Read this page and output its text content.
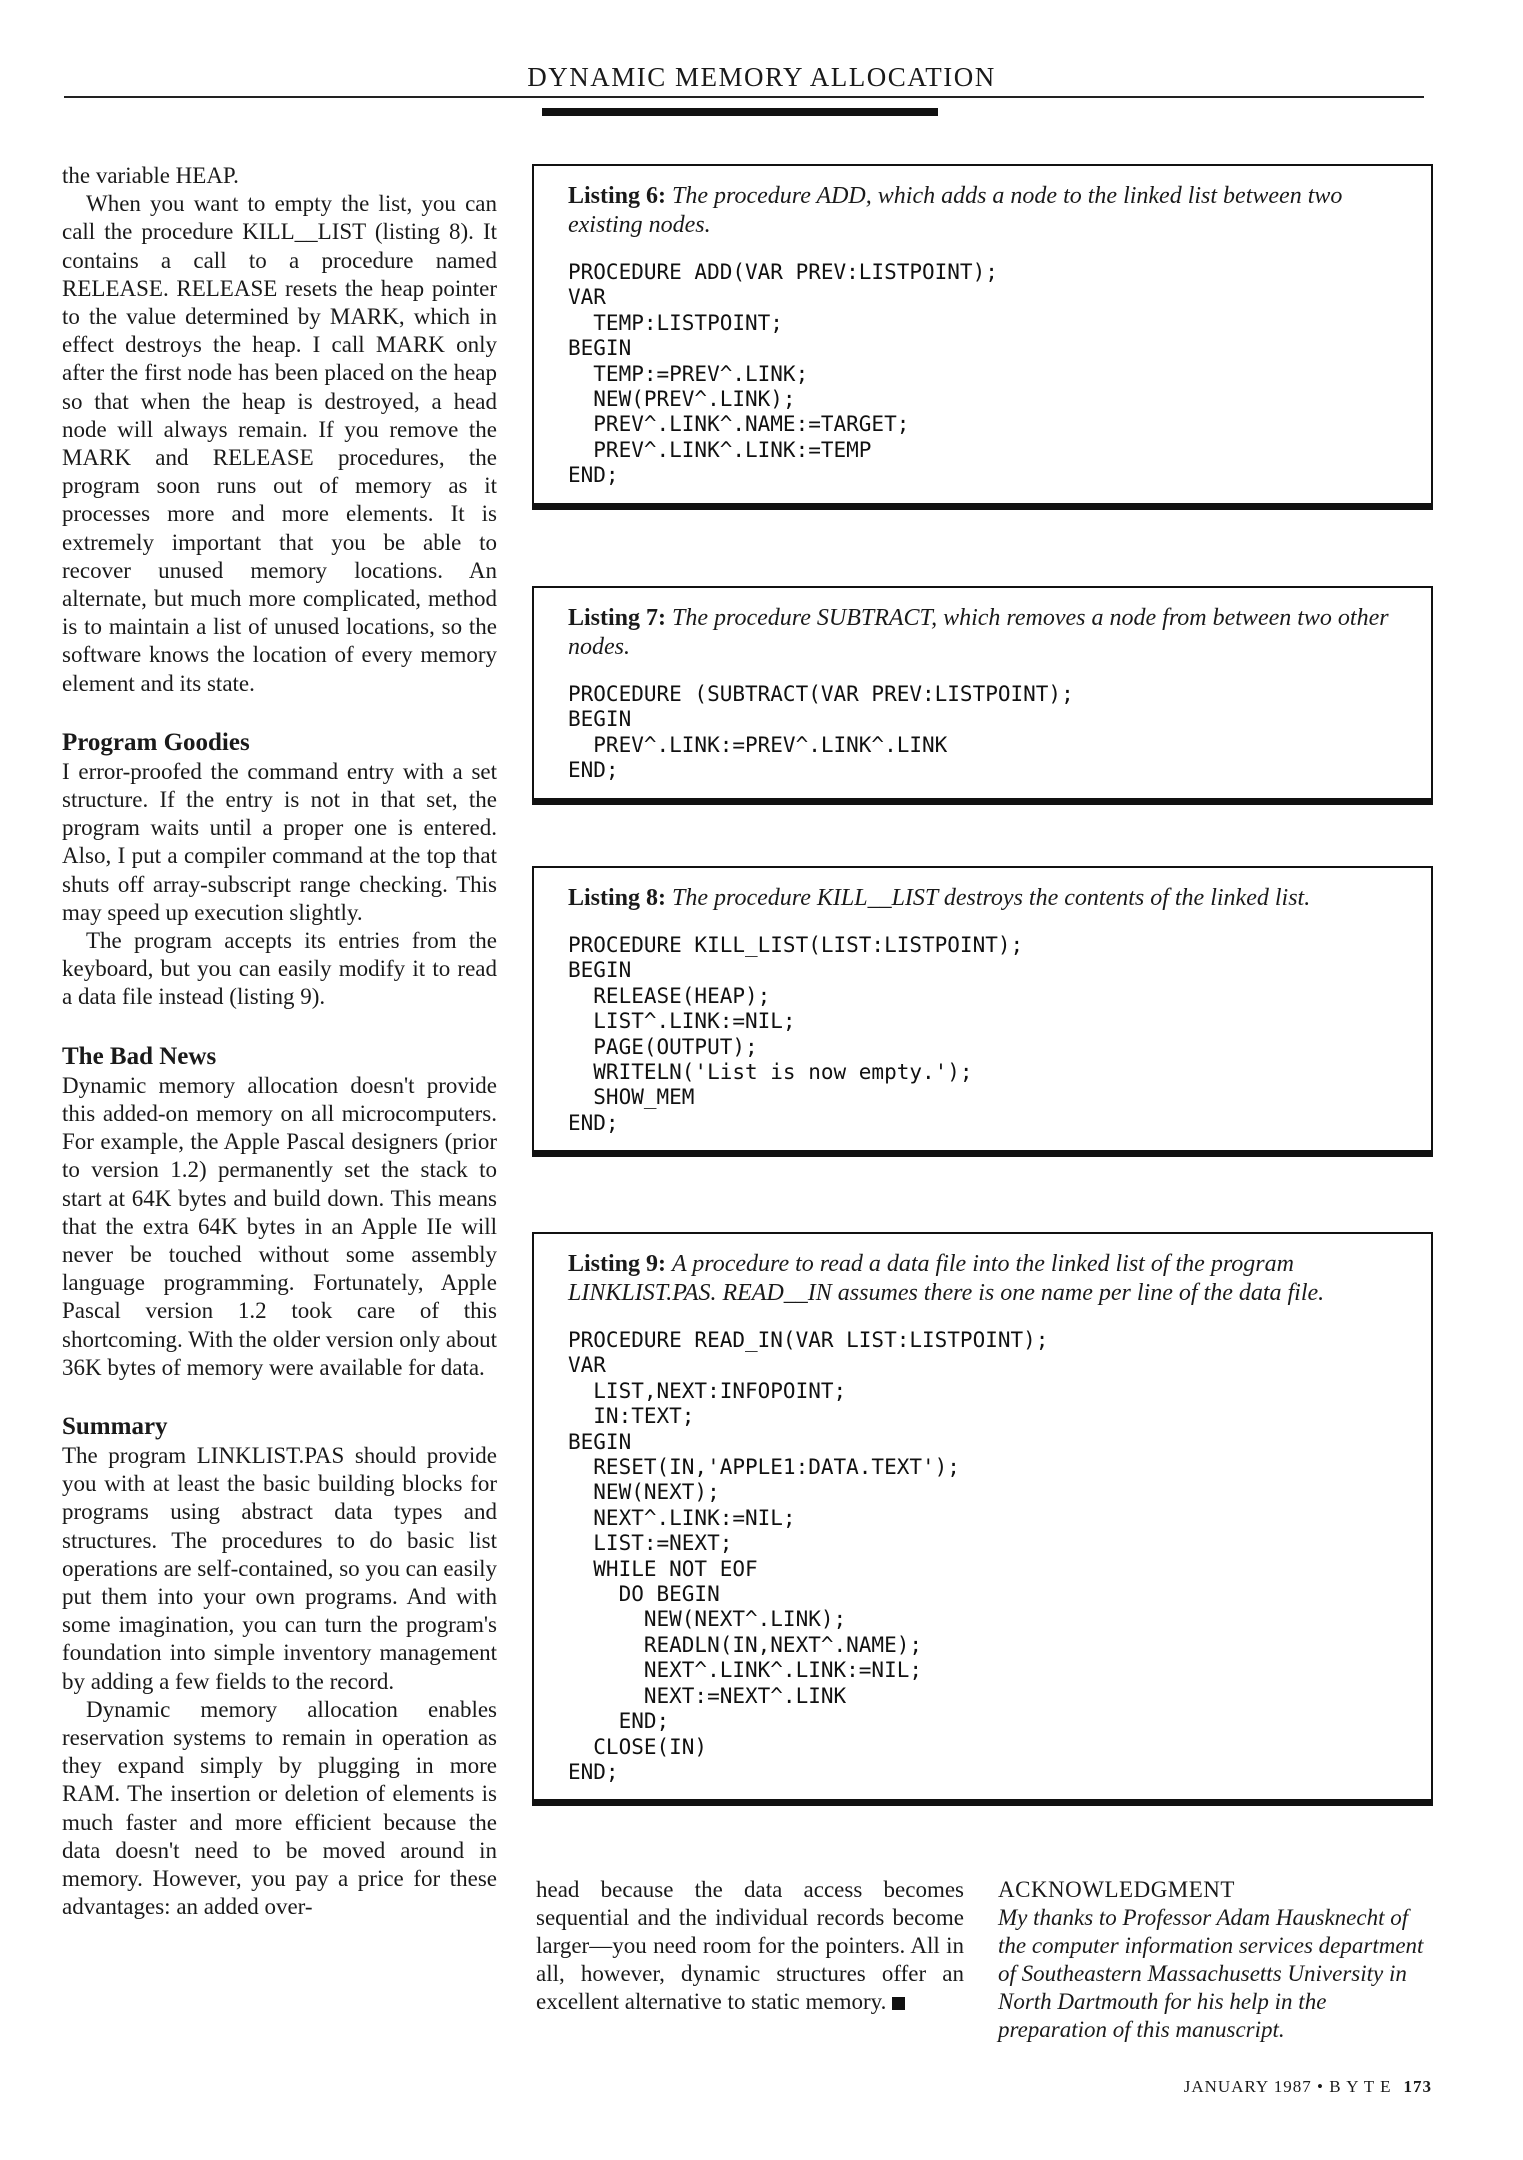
DYNAMIC MEMORY ALLOCATION

the variable HEAP.

When you want to empty the list, you can call the procedure KILL__LIST (listing 8). It contains a call to a procedure named RELEASE. RELEASE resets the heap pointer to the value determined by MARK, which in effect destroys the heap. I call MARK only after the first node has been placed on the heap so that when the heap is destroyed, a head node will always remain. If you remove the MARK and RELEASE procedures, the program soon runs out of memory as it processes more and more elements. It is extremely important that you be able to recover unused memory locations. An alternate, but much more complicated, method is to maintain a list of unused locations, so the software knows the location of every memory element and its state.

Program Goodies

I error-proofed the command entry with a set structure. If the entry is not in that set, the program waits until a proper one is entered. Also, I put a compiler command at the top that shuts off array-subscript range checking. This may speed up execution slightly.

The program accepts its entries from the keyboard, but you can easily modify it to read a data file instead (listing 9).

The Bad News

Dynamic memory allocation doesn't provide this added-on memory on all microcomputers. For example, the Apple Pascal designers (prior to version 1.2) permanently set the stack to start at 64K bytes and build down. This means that the extra 64K bytes in an Apple IIe will never be touched without some assembly language programming. Fortunately, Apple Pascal version 1.2 took care of this shortcoming. With the older version only about 36K bytes of memory were available for data.

Summary

The program LINKLIST.PAS should provide you with at least the basic building blocks for programs using abstract data types and structures. The procedures to do basic list operations are self-contained, so you can easily put them into your own programs. And with some imagination, you can turn the program's foundation into simple inventory management by adding a few fields to the record.

Dynamic memory allocation enables reservation systems to remain in operation as they expand simply by plugging in more RAM. The insertion or deletion of elements is much faster and more efficient because the data doesn't need to be moved around in memory. However, you pay a price for these advantages: an added over-

Listing 6: The procedure ADD, which adds a node to the linked list between two existing nodes.
PROCEDURE ADD(VAR PREV:LISTPOINT);
VAR
TEMP:LISTPOINT;
BEGIN
TEMP:=PREV^.LINK;
NEW(PREV^.LINK);
PREV^.LINK^.NAME:=TARGET;
PREV^.LINK^.LINK:=TEMP
END;
Listing 7: The procedure SUBTRACT, which removes a node from between two other nodes.
PROCEDURE (SUBTRACT(VAR PREV:LISTPOINT);
BEGIN
PREV^.LINK:=PREV^.LINK^.LINK
END;
Listing 8: The procedure KILL__LIST destroys the contents of the linked list.
PROCEDURE KILL_LIST(LIST:LISTPOINT);
BEGIN
RELEASE(HEAP);
LIST^.LINK:=NIL;
PAGE(OUTPUT);
WRITELN('List is now empty.');
SHOW_MEM
END;
Listing 9: A procedure to read a data file into the linked list of the program LINKLIST.PAS. READ__IN assumes there is one name per line of the data file.
PROCEDURE READ_IN(VAR LIST:LISTPOINT);
VAR
LIST,NEXT:INFOPOINT;
IN:TEXT;
BEGIN
RESET(IN,'APPLE1:DATA.TEXT');
NEW(NEXT);
NEXT^.LINK:=NIL;
LIST:=NEXT;
WHILE NOT EOF
DO BEGIN
NEW(NEXT^.LINK);
READLN(IN,NEXT^.NAME);
NEXT^.LINK^.LINK:=NIL;
NEXT:=NEXT^.LINK
END;
CLOSE(IN)
END;

head because the data access becomes sequential and the individual records become larger—you need room for the pointers. All in all, however, dynamic structures offer an excellent alternative to static memory.

ACKNOWLEDGMENT
My thanks to Professor Adam Hausknecht of the computer information services department of Southeastern Massachusetts University in North Dartmouth for his help in the preparation of this manuscript.
JANUARY 1987 • B Y T E 173
